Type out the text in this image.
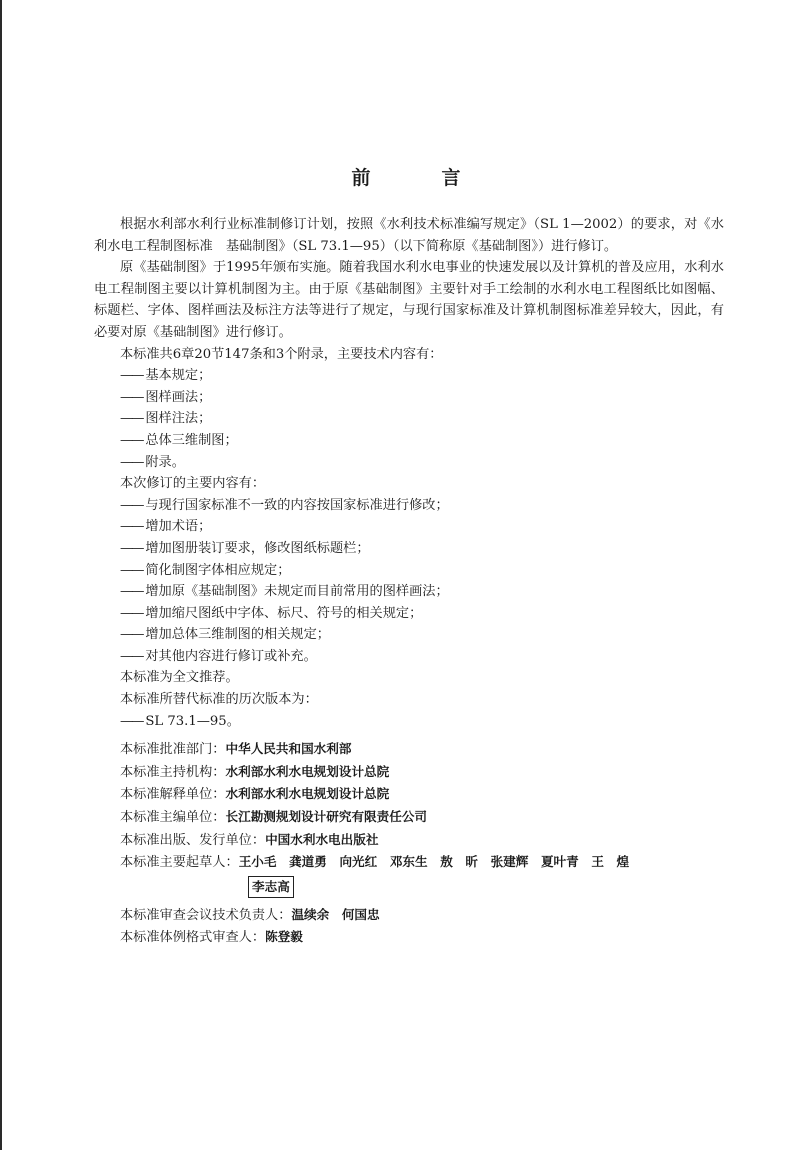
前　言

根据水利部水利行业标准制修订计划，按照《水利技术标准编写规定》（SL 1—2002）的要求，对《水利水电工程制图标准　基础制图》（SL 73.1—95）（以下简称原《基础制图》）进行修订。

原《基础制图》于1995年颁布实施。随着我国水利水电事业的快速发展以及计算机的普及应用，水利水电工程制图主要以计算机制图为主。由于原《基础制图》主要针对手工绘制的水利水电工程图纸比如图幅、标题栏、字体、图样画法及标注方法等进行了规定，与现行国家标准及计算机制图标准差异较大，因此，有必要对原《基础制图》进行修订。

本标准共6章20节147条和3个附录，主要技术内容有：

—— 基本规定；

—— 图样画法；

—— 图样注法；

—— 总体三维制图；

—— 附录。

本次修订的主要内容有：

—— 与现行国家标准不一致的内容按国家标准进行修改；

—— 增加术语；

—— 增加图册装订要求，修改图纸标题栏；

—— 简化制图字体相应规定；

—— 增加原《基础制图》未规定而目前常用的图样画法；

—— 增加缩尺图纸中字体、标尺、符号的相关规定；

—— 增加总体三维制图的相关规定；

—— 对其他内容进行修订或补充。

本标准为全文推荐。

本标准所替代标准的历次版本为：

—— SL 73.1—95。

本标准批准部门：中华人民共和国水利部

本标准主持机构：水利部水利水电规划设计总院

本标准解释单位：水利部水利水电规划设计总院

本标准主编单位：长江勘测规划设计研究有限责任公司

本标准出版、发行单位：中国水利水电出版社

本标准主要起草人：王小毛　龚道勇　向光红　邓东生　敖　昕　张建辉　夏叶青　王　煌

李志高

本标准审查会议技术负责人：温续余　何国忠

本标准体例格式审查人：陈登毅
